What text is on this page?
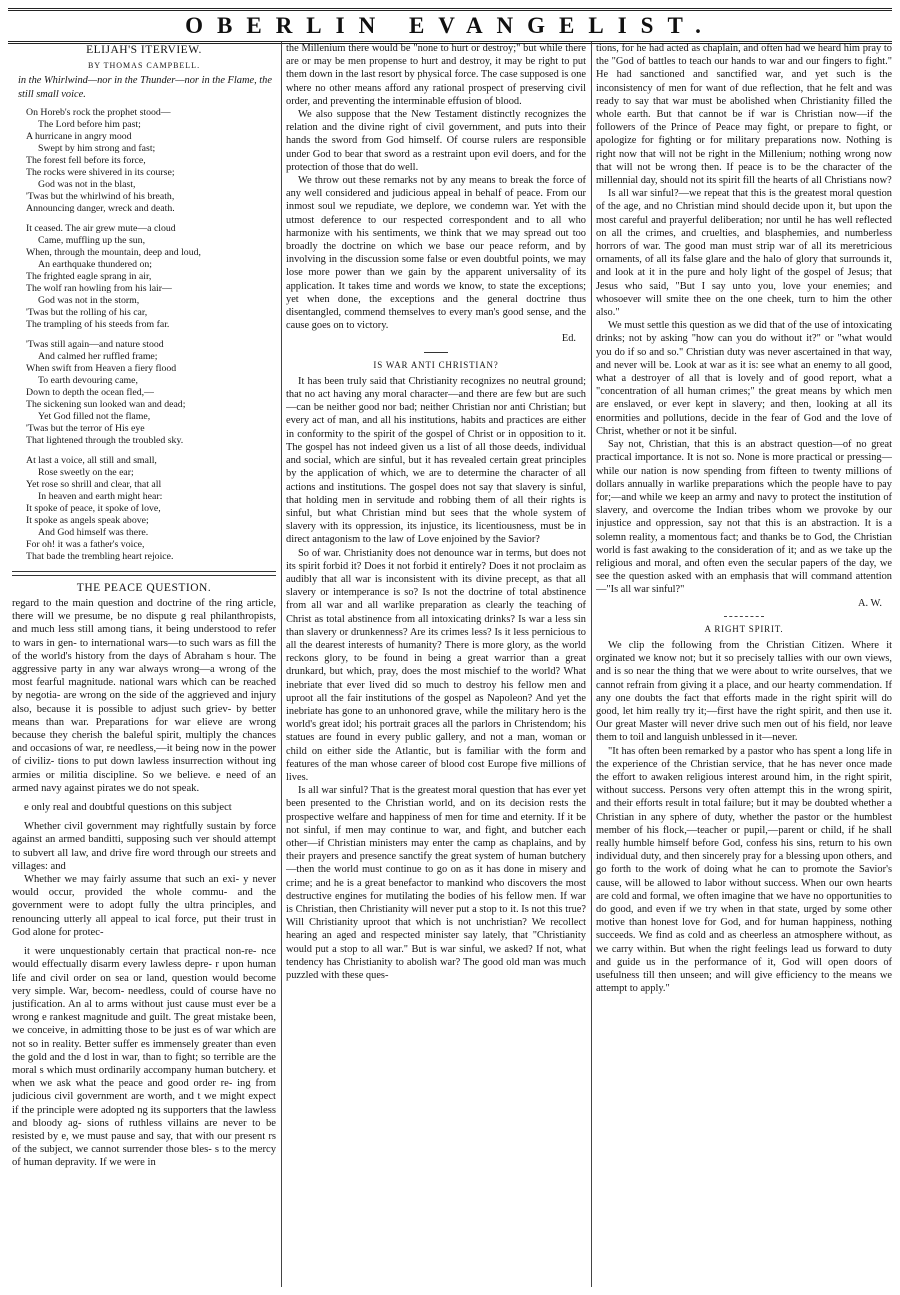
OBERLIN EVANGELIST.
ELIJAH'S ITERVIEW.
BY THOMAS CAMPBELL.
in the Whirlwind—nor in the Thunder—nor in the Flame, the still small voice.
On Horeb's rock the prophet stood—
The Lord before him past;
A hurricane in angry mood
Swept by him strong and fast;
The forest fell before its force,
The rocks were shivered in its course;
God was not in the blast,
'Twas but the whirlwind of his breath,
Announcing danger, wreck and death.
It ceased. The air grew mute—a cloud
Came, muffling up the sun,
When, through the mountain, deep and loud,
An earthquake thundered on;
The frighted eagle sprang in air,
The wolf ran howling from his lair—
God was not in the storm,
'Twas but the rolling of his car,
The trampling of his steeds from far.
'Twas still again—and nature stood
And calmed her ruffled frame;
When swift from Heaven a fiery flood
To earth devouring came,
Down to depth the ocean fled,—
The sickening sun looked wan and dead;
Yet God filled not the flame,
'Twas but the terror of His eye
That lightened through the troubled sky.
At last a voice, all still and small,
Rose sweetly on the ear;
Yet rose so shrill and clear, that all
In heaven and earth might hear:
It spoke of peace, it spoke of love,
It spoke as angels speak above;
And God himself was there.
For oh! it was a father's voice,
That bade the trembling heart rejoice.
THE PEACE QUESTION.

regard to the main question and doctrine of the ring article, there will we presume, be no dispute g real philanthropists, and much less still among tians, it being understood to refer to wars in gen- to international wars—to such wars as fill the of the world's history from the days of Abraham s hour. The aggressive party in any war always wrong—a wrong of the most fearful magnitude. national wars which can be reached by negotia- are wrong on the side of the aggrieved and injury also, because it is possible to adjust such griev- by better means than war. Preparations for war elieve are wrong because they cherish the baleful spirit, multiply the chances and occasions of war, re needless,—it being now in the power of civiliz- tions to put down lawless insurrection without ing armies or militia discipline. So we believe. e need of an armed navy against pirates we do not speak.

e only real and doubtful questions on this subject

Whether civil government may rightfully sustain by force against an armed banditti, supposing such ver should attempt to subvert all law, and drive fire word through our streets and villages: and

Whether we may fairly assume that such an exi- y never would occur, provided the whole commu- and the government were to adopt fully the ultra principles, and renouncing utterly all appeal to ical force, put their trust in God alone for protec-

it were unquestionably certain that practical non-re- nce would effectually disarm every lawless depre- r upon human life and civil order on sea or land, question would become very simple. War, becom- needless, could of course have no justification. An al to arms without just cause must ever be a wrong e rankest magnitude and guilt. The great mistake been, we conceive, in admitting those to be just es of war which are not so in reality. Better suffer es immensely greater than even the gold and the d lost in war, than to fight; so terrible are the moral s which must ordinarily accompany human butchery. et when we ask what the peace and good order re- ing from judicious civil government are worth, and t we might expect if the principle were adopted ng its supporters that the lawless and bloody ag- sions of ruthless villains are never to be resisted by e, we must pause and say, that with our present rs of the subject, we cannot surrender those bles- s to the mercy of human depravity. If we were in

the Millenium there would be "none to hurt or destroy;" but while there are or may be men propense to hurt and destroy, it may be right to put them down in the last resort by physical force. The case supposed is one where no other means afford any rational prospect of preserving civil order, and preventing the interminable effusion of blood.

We also suppose that the New Testament distinctly recognizes the relation and the divine right of civil government, and puts into their hands the sword from God himself. Of course rulers are responsible under God to bear that sword as a restraint upon evil doers, and for the protection of those that do well.

We throw out these remarks not by any means to break the force of any well considered and judicious appeal in behalf of peace. From our inmost soul we repudiate, we deplore, we condemn war. Yet with the utmost deference to our respected correspondent and to all who harmonize with his sentiments, we think that we may spread out too broadly the doctrine on which we base our peace reform, and by involving in the discussion some false or even doubtful points, we may lose more power than we gain by the apparent universality of its application. It takes time and words we know, to state the exceptions; yet when done, the exceptions and the general doctrine thus disentangled, commend themselves to every man's good sense, and the cause goes on to victory.

Ed.
IS WAR ANTI CHRISTIAN?

It has been truly said that Christianity recognizes no neutral ground; that no act having any moral character—and there are few but are such—can be neither good nor bad; neither Christian nor anti Christian; but every act of man, and all his institutions, habits and practices are either in conformity to the spirit of the gospel of Christ or in opposition to it. The gospel has not indeed given us a list of all those deeds, individual and social, which are sinful, but it has revealed certain great principles by the application of which, we are to determine the character of all actions and institutions. The gospel does not say that slavery is sinful, that holding men in servitude and robbing them of all their rights is sinful, but what Christian mind but sees that the whole system of slavery with its oppression, its injustice, its licentiousness, must be in direct antagonism to the law of Love enjoined by the Savior?

So of war. Christianity does not denounce war in terms, but does not its spirit forbid it? Does it not forbid it entirely? Does it not proclaim as audibly that all war is inconsistent with its divine precept, as that all slavery or intemperance is so? Is not the doctrine of total abstinence from all war and all warlike preparation as clearly the teaching of Christ as total abstinence from all intoxicating drinks? Is war a less sin than slavery or drunkenness? Are its crimes less? Is it less pernicious to all the dearest interests of humanity? There is more glory, as the world reckons glory, to be found in being a great warrior than a great drunkard, but which, pray, does the most mischief to the world? What inebriate that ever lived did so much to destroy his fellow men and uproot all the fair institutions of the gospel as Napoleon? And yet the inebriate has gone to an unhonored grave, while the military hero is the world's great idol; his portrait graces all the parlors in Christendom; his statues are found in every public gallery, and not a man, woman or child on either side the Atlantic, but is familiar with the form and features of the man whose career of blood cost Europe five millions of lives.

Is all war sinful? That is the greatest moral question that has ever yet been presented to the Christian world, and on its decision rests the prospective welfare and happiness of men for time and eternity. If it be not sinful, if men may continue to war, and fight, and butcher each other—if Christian ministers may enter the camp as chaplains, and by their prayers and presence sanctify the great system of human butchery—then the world must continue to go on as it has done in misery and crime; and he is a great benefactor to mankind who discovers the most destructive engines for mutilating the bodies of his fellow men. If war is Christian, then Christianity will never put a stop to it. Is not this true? Will Christianity uproot that which is not unchristian? We recollect hearing an aged and respected minister say lately, that "Christianity would put a stop to all war." But is war sinful, we asked? If not, what tendency has Christianity to abolish war? The good old man was much puzzled with these ques-

tions, for he had acted as chaplain, and often had we heard him pray to the "God of battles to teach our hands to war and our fingers to fight." He had sanctioned and sanctified war, and yet such is the inconsistency of men for want of due reflection, that he felt and was ready to say that war must be abolished when Christianity filled the whole earth. But that cannot be if war is Christian now—if the followers of the Prince of Peace may fight, or prepare to fight, or apologize for fighting or for military preparations now. Nothing is right now that will not be right in the Millenium; nothing wrong now that will not be wrong then. If peace is to be the character of the millennial day, should not its spirit fill the hearts of all Christians now?

Is all war sinful?—we repeat that this is the greatest moral question of the age, and no Christian mind should decide upon it, but upon the most careful and prayerful deliberation; nor until he has well reflected on all the crimes, and cruelties, and blasphemies, and numberless horrors of war. The good man must strip war of all its meretricious ornaments, of all its false glare and the halo of glory that surrounds it, and look at it in the pure and holy light of the gospel of Jesus; that Jesus who said, "But I say unto you, love your enemies; and whosoever will smite thee on the one cheek, turn to him the other also."

We must settle this question as we did that of the use of intoxicating drinks; not by asking "how can you do without it?" or "what would you do if so and so." Christian duty was never ascertained in that way, and never will be. Look at war as it is: see what an enemy to all good, what a destroyer of all that is lovely and of good report, what a "concentration of all human crimes;" the great means by which men are enslaved, or ever kept in slavery; and then, looking at all its enormities and pollutions, decide in the fear of God and the love of Christ, whether or not it be sinful.

Say not, Christian, that this is an abstract question—of no great practical importance. It is not so. None is more practical or pressing—while our nation is now spending from fifteen to twenty millions of dollars annually in warlike preparations which the people have to pay for;—and while we keep an army and navy to protect the institution of slavery, and overcome the Indian tribes whom we provoke by our injustice and oppression, say not that this is an abstraction. It is a solemn reality, a momentous fact; and thanks be to God, the Christian world is fast awaking to the consideration of it; and as we take up the religious and moral, and often even the secular papers of the day, we see the question asked with an emphasis that will command attention—"Is all war sinful?"

A. W.
A RIGHT SPIRIT.

We clip the following from the Christian Citizen. Where it orginated we know not; but it so precisely tallies with our own views, and is so near the thing that we were about to write ourselves, that we cannot refrain from giving it a place, and our hearty commendation. If any one doubts the fact that efforts made in the right spirit will do good, let him really try it;—first have the right spirit, and then use it. Our great Master will never drive such men out of his field, nor leave them to toil and languish unblessed in it—never.

"It has often been remarked by a pastor who has spent a long life in the experience of the Christian service, that he has never once made the effort to awaken religious interest around him, in the right spirit, without success. Persons very often attempt this in the wrong spirit, and their efforts result in total failure; but it may be doubted whether a Christian in any sphere of duty, whether the pastor or the humblest member of his flock,—teacher or pupil,—parent or child, if he shall really humble himself before God, confess his sins, return to his own individual duty, and then sincerely pray for a blessing upon others, and go forth to the work of doing what he can to promote the Savior's cause, will be allowed to labor without success. When our own hearts are cold and formal, we often imagine that we have no opportunities to do good, and even if we try when in that state, urged by some other motive than honest love for God, and for human happiness, nothing succeeds. We find as cold and as cheerless an atmosphere without, as we carry within. But when the right feelings lead us forward to duty and guide us in the performance of it, God will open doors of usefulness till then unseen; and will give efficiency to the means we attempt to apply."
